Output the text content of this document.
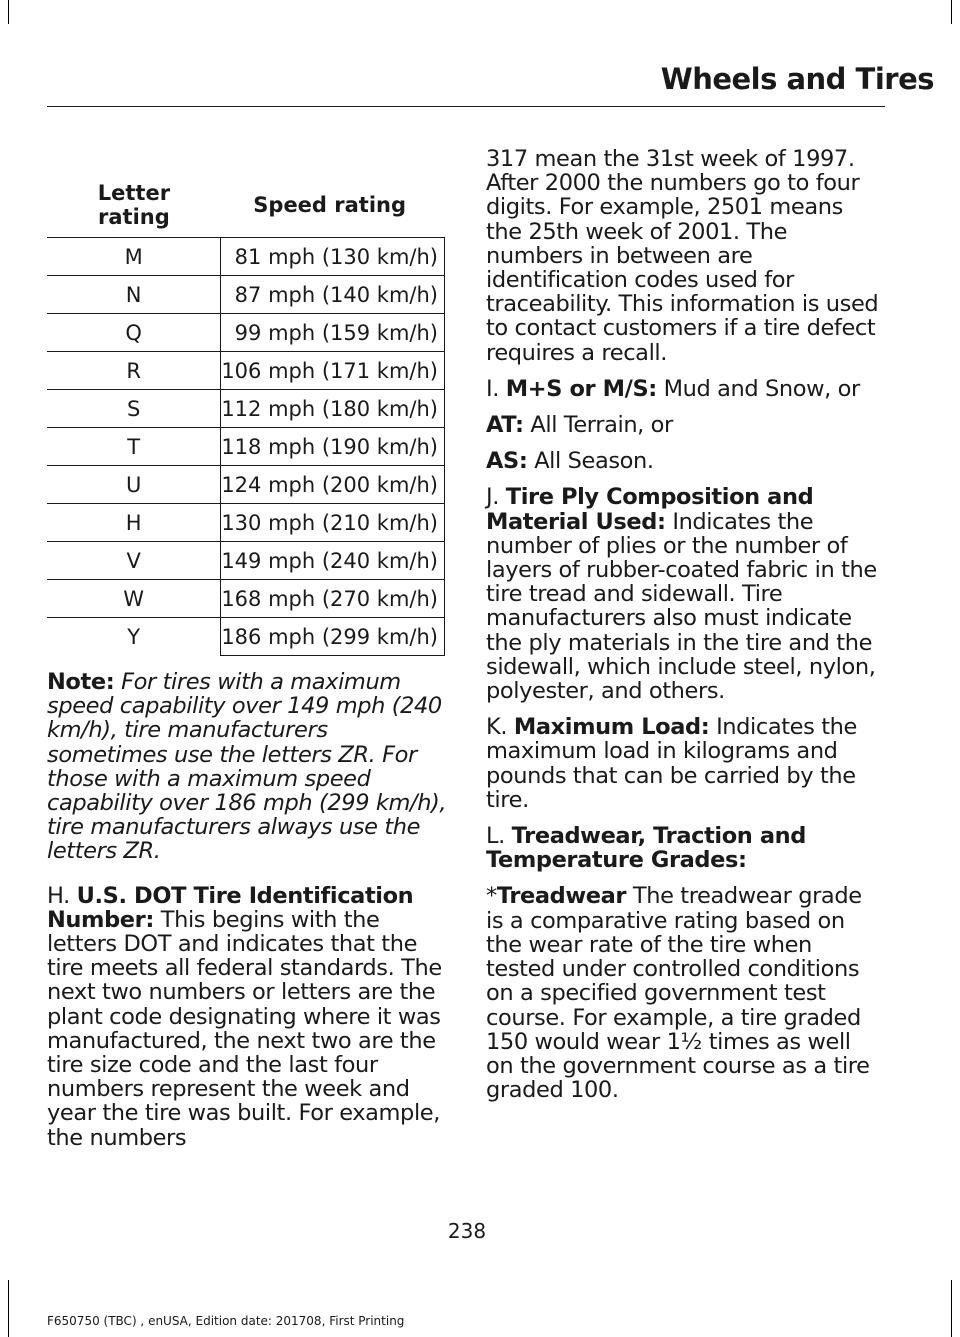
Wheels and Tires
Letter rating	Speed rating
M	81 mph (130 km/h)
N	87 mph (140 km/h)
Q	99 mph (159 km/h)
R	106 mph (171 km/h)
S	112 mph (180 km/h)
T	118 mph (190 km/h)
U	124 mph (200 km/h)
H	130 mph (210 km/h)
V	149 mph (240 km/h)
W	168 mph (270 km/h)
Y	186 mph (299 km/h)

Note: For tires with a maximum speed capability over 149 mph (240 km/h), tire manufacturers sometimes use the letters ZR. For those with a maximum speed capability over 186 mph (299 km/h), tire manufacturers always use the letters ZR.

H. U.S. DOT Tire Identification Number: This begins with the letters DOT and indicates that the tire meets all federal standards. The next two numbers or letters are the plant code designating where it was manufactured, the next two are the tire size code and the last four numbers represent the week and year the tire was built. For example, the numbers

317 mean the 31st week of 1997. After 2000 the numbers go to four digits. For example, 2501 means the 25th week of 2001. The numbers in between are identification codes used for traceability. This information is used to contact customers if a tire defect requires a recall.

I. M+S or M/S: Mud and Snow, or

AT: All Terrain, or

AS: All Season.

J. Tire Ply Composition and Material Used: Indicates the number of plies or the number of layers of rubber-coated fabric in the tire tread and sidewall. Tire manufacturers also must indicate the ply materials in the tire and the sidewall, which include steel, nylon, polyester, and others.

K. Maximum Load: Indicates the maximum load in kilograms and pounds that can be carried by the tire.

L. Treadwear, Traction and Temperature Grades:

*Treadwear The treadwear grade is a comparative rating based on the wear rate of the tire when tested under controlled conditions on a specified government test course. For example, a tire graded 150 would wear 1½ times as well on the government course as a tire graded 100.

238
F650750 (TBC) , enUSA, Edition date: 201708, First Printing
